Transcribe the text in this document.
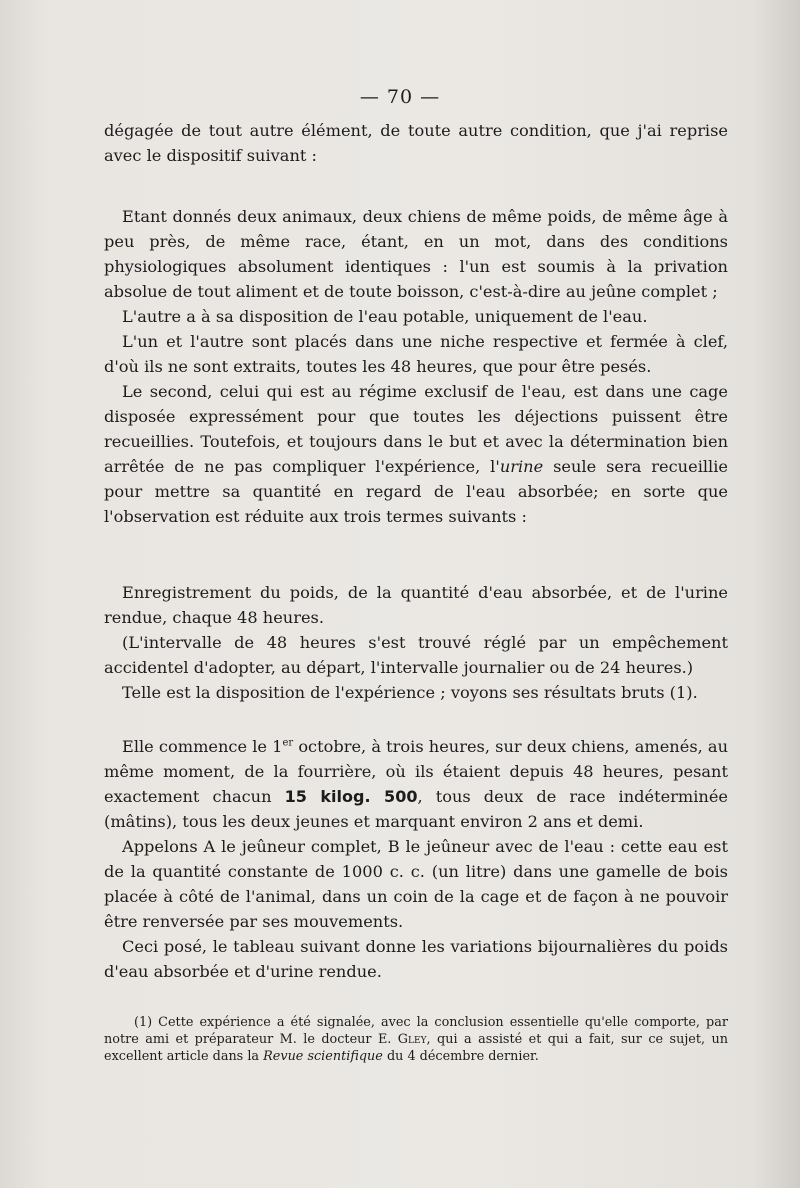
— 70 —

dégagée de tout autre élément, de toute autre condition, que j'ai reprise avec le dispositif suivant :

Etant donnés deux animaux, deux chiens de même poids, de même âge à peu près, de même race, étant, en un mot, dans des conditions physiologiques absolument identiques : l'un est soumis à la privation absolue de tout aliment et de toute boisson, c'est-à-dire au jeûne complet ;

L'autre a à sa disposition de l'eau potable, uniquement de l'eau.

L'un et l'autre sont placés dans une niche respective et fermée à clef, d'où ils ne sont extraits, toutes les 48 heures, que pour être pesés.

Le second, celui qui est au régime exclusif de l'eau, est dans une cage disposée expressément pour que toutes les déjections puissent être recueillies. Toutefois, et toujours dans le but et avec la détermination bien arrêtée de ne pas compliquer l'expérience, l'urine seule sera recueillie pour mettre sa quantité en regard de l'eau absorbée; en sorte que l'observation est réduite aux trois termes suivants :

Enregistrement du poids, de la quantité d'eau absorbée, et de l'urine rendue, chaque 48 heures.

(L'intervalle de 48 heures s'est trouvé réglé par un empêchement accidentel d'adopter, au départ, l'intervalle journalier ou de 24 heures.)

Telle est la disposition de l'expérience ; voyons ses résultats bruts (1).

Elle commence le 1er octobre, à trois heures, sur deux chiens, amenés, au même moment, de la fourrière, où ils étaient depuis 48 heures, pesant exactement chacun 15 kilog. 500, tous deux de race indéterminée (mâtins), tous les deux jeunes et marquant environ 2 ans et demi.

Appelons A le jeûneur complet, B le jeûneur avec de l'eau : cette eau est de la quantité constante de 1000 c. c. (un litre) dans une gamelle de bois placée à côté de l'animal, dans un coin de la cage et de façon à ne pouvoir être renversée par ses mouvements.

Ceci posé, le tableau suivant donne les variations bijournalières du poids d'eau absorbée et d'urine rendue.

(1) Cette expérience a été signalée, avec la conclusion essentielle qu'elle comporte, par notre ami et préparateur M. le docteur E. Gley, qui a assisté et qui a fait, sur ce sujet, un excellent article dans la Revue scientifique du 4 décembre dernier.
